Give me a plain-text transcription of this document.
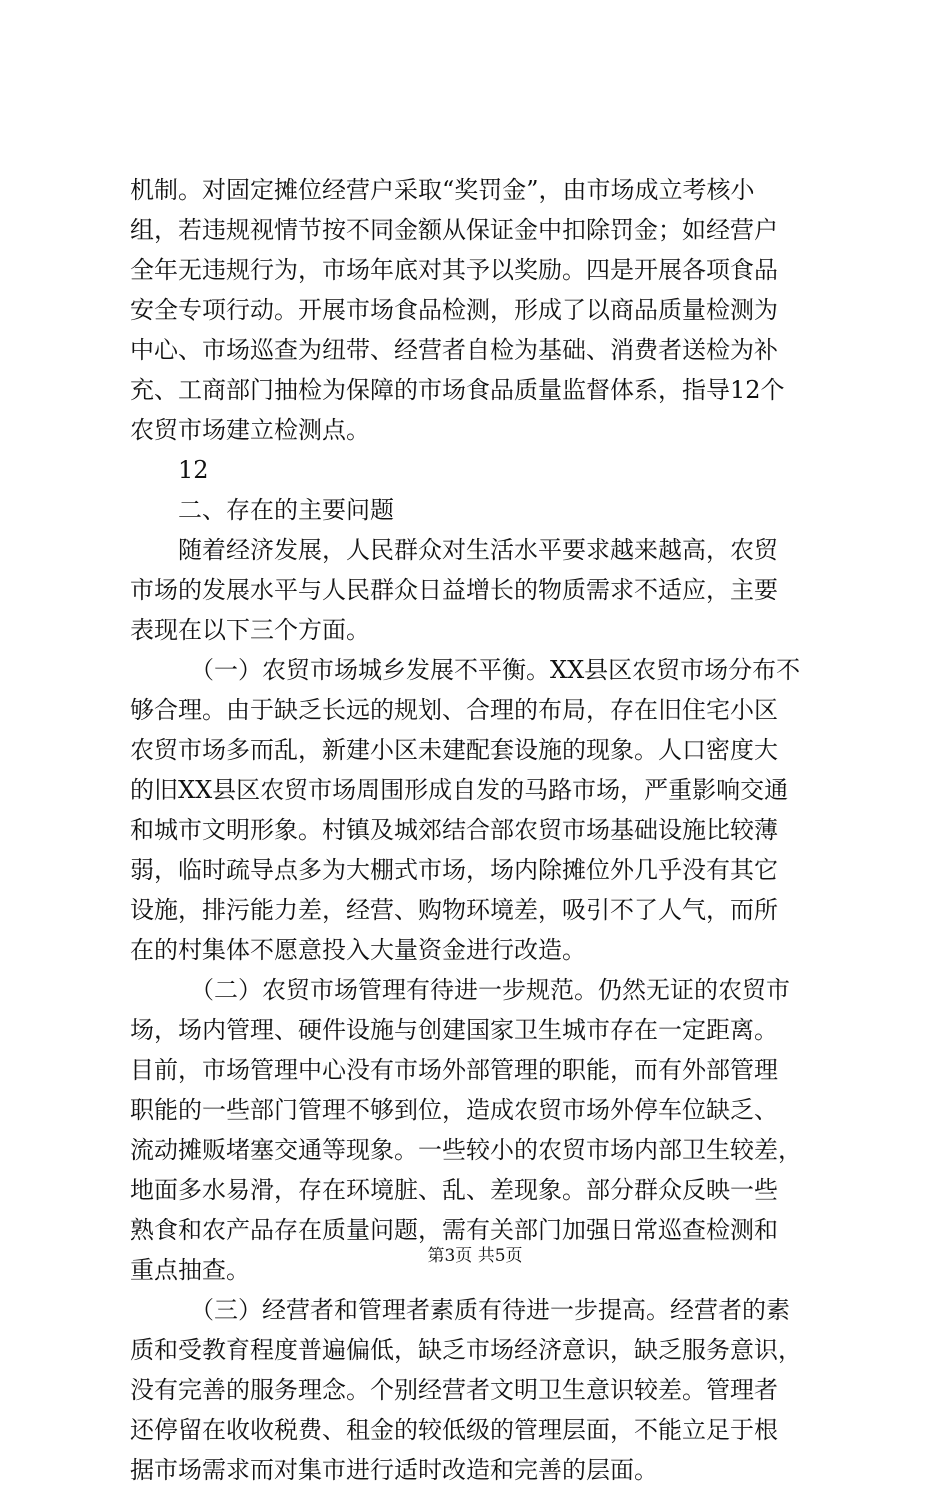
机制。对固定摊位经营户采取“奖罚金”，由市场成立考核小
组，若违规视情节按不同金额从保证金中扣除罚金；如经营户
全年无违规行为，市场年底对其予以奖励。四是开展各项食品
安全专项行动。开展市场食品检测，形成了以商品质量检测为
中心、市场巡查为纽带、经营者自检为基础、消费者送检为补
充、工商部门抽检为保障的市场食品质量监督体系，指导12个
农贸市场建立检测点。
12
二、存在的主要问题
随着经济发展，人民群众对生活水平要求越来越高，农贸
市场的发展水平与人民群众日益增长的物质需求不适应，主要
表现在以下三个方面。
（一）农贸市场城乡发展不平衡。XX县区农贸市场分布不
够合理。由于缺乏长远的规划、合理的布局，存在旧住宅小区
农贸市场多而乱，新建小区未建配套设施的现象。人口密度大
的旧XX县区农贸市场周围形成自发的马路市场，严重影响交通
和城市文明形象。村镇及城郊结合部农贸市场基础设施比较薄
弱，临时疏导点多为大棚式市场，场内除摊位外几乎没有其它
设施，排污能力差，经营、购物环境差，吸引不了人气，而所
在的村集体不愿意投入大量资金进行改造。
（二）农贸市场管理有待进一步规范。仍然无证的农贸市
场，场内管理、硬件设施与创建国家卫生城市存在一定距离。
目前，市场管理中心没有市场外部管理的职能，而有外部管理
职能的一些部门管理不够到位，造成农贸市场外停车位缺乏、
流动摊贩堵塞交通等现象。一些较小的农贸市场内部卫生较差，
地面多水易滑，存在环境脏、乱、差现象。部分群众反映一些
熟食和农产品存在质量问题，需有关部门加强日常巡查检测和
重点抽查。
（三）经营者和管理者素质有待进一步提高。经营者的素
质和受教育程度普遍偏低，缺乏市场经济意识，缺乏服务意识，
没有完善的服务理念。个别经营者文明卫生意识较差。管理者
还停留在收收税费、租金的较低级的管理层面，不能立足于根
据市场需求而对集市进行适时改造和完善的层面。
第3页 共5页
